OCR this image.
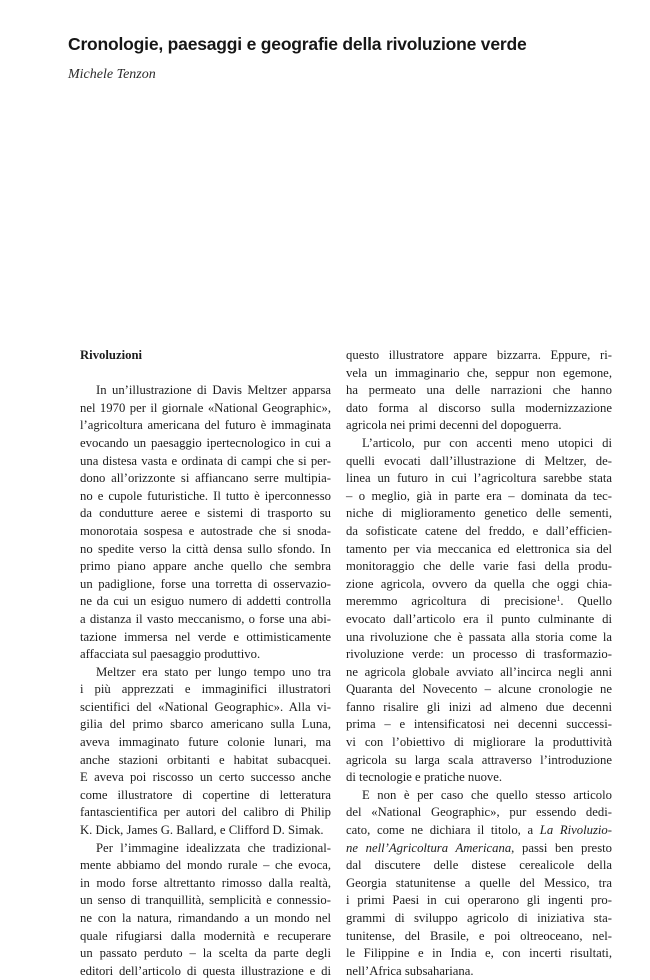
Cronologie, paesaggi e geografie della rivoluzione verde
Michele Tenzon
Rivoluzioni
In un’illustrazione di Davis Meltzer apparsa
nel 1970 per il giornale «National Geographic»,
l’agricoltura americana del futuro è immaginata
evocando un paesaggio ipertecnologico in cui a
una distesa vasta e ordinata di campi che si per-
dono all’orizzonte si affiancano serre multipia-
no e cupole futuristiche. Il tutto è iperconnesso
da condutture aeree e sistemi di trasporto su
monorotaia sospesa e autostrade che si snoda-
no spedite verso la città densa sullo sfondo. In
primo piano appare anche quello che sembra
un padiglione, forse una torretta di osservazio-
ne da cui un esiguo numero di addetti controlla
a distanza il vasto meccanismo, o forse una abi-
tazione immersa nel verde e ottimisticamente
affacciata sul paesaggio produttivo.
Meltzer era stato per lungo tempo uno tra
i più apprezzati e immaginifici illustratori
scientifici del «National Geographic». Alla vi-
gilia del primo sbarco americano sulla Luna,
aveva immaginato future colonie lunari, ma
anche stazioni orbitanti e habitat subacquei.
E aveva poi riscosso un certo successo anche
come illustratore di copertine di letteratura
fantascientifica per autori del calibro di Philip
K. Dick, James G. Ballard, e Clifford D. Simak.
Per l’immagine idealizzata che tradizional-
mente abbiamo del mondo rurale – che evoca,
in modo forse altrettanto rimosso dalla realtà,
un senso di tranquillità, semplicità e connessio-
ne con la natura, rimandando a un mondo nel
quale rifugiarsi dalla modernità e recuperare
un passato perduto – la scelta da parte degli
editori dell’articolo di questa illustrazione e di
questo illustratore appare bizzarra. Eppure, ri-
vela un immaginario che, seppur non egemone,
ha permeato una delle narrazioni che hanno
dato forma al discorso sulla modernizzazione
agricola nei primi decenni del dopoguerra.
L’articolo, pur con accenti meno utopici di
quelli evocati dall’illustrazione di Meltzer, de-
linea un futuro in cui l’agricoltura sarebbe stata
– o meglio, già in parte era – dominata da tec-
niche di miglioramento genetico delle sementi,
da sofisticate catene del freddo, e dall’efficien-
tamento per via meccanica ed elettronica sia del
monitoraggio che delle varie fasi della produ-
zione agricola, ovvero da quella che oggi chia-
meremmo agricoltura di precisione$^1$. Quello
evocato dall’articolo era il punto culminante di
una rivoluzione che è passata alla storia come la
rivoluzione verde: un processo di trasformazio-
ne agricola globale avviato all’incirca negli anni
Quaranta del Novecento – alcune cronologie ne
fanno risalire gli inizi ad almeno due decenni
prima – e intensificatosi nei decenni successi-
vi con l’obiettivo di migliorare la produttività
agricola su larga scala attraverso l’introduzione
di tecnologie e pratiche nuove.
E non è per caso che quello stesso articolo
del «National Geographic», pur essendo dedi-
cato, come ne dichiara il titolo, a La Rivoluzio-
ne nell’Agricoltura Americana, passi ben presto
dal discutere delle distese cerealicole della
Georgia statunitense a quelle del Messico, tra
i primi Paesi in cui operarono gli ingenti pro-
grammi di sviluppo agricolo di iniziativa sta-
tunitense, del Brasile, e poi oltreoceano, nel-
le Filippine e in India e, con incerti risultati,
nell’Africa subsahariana.
